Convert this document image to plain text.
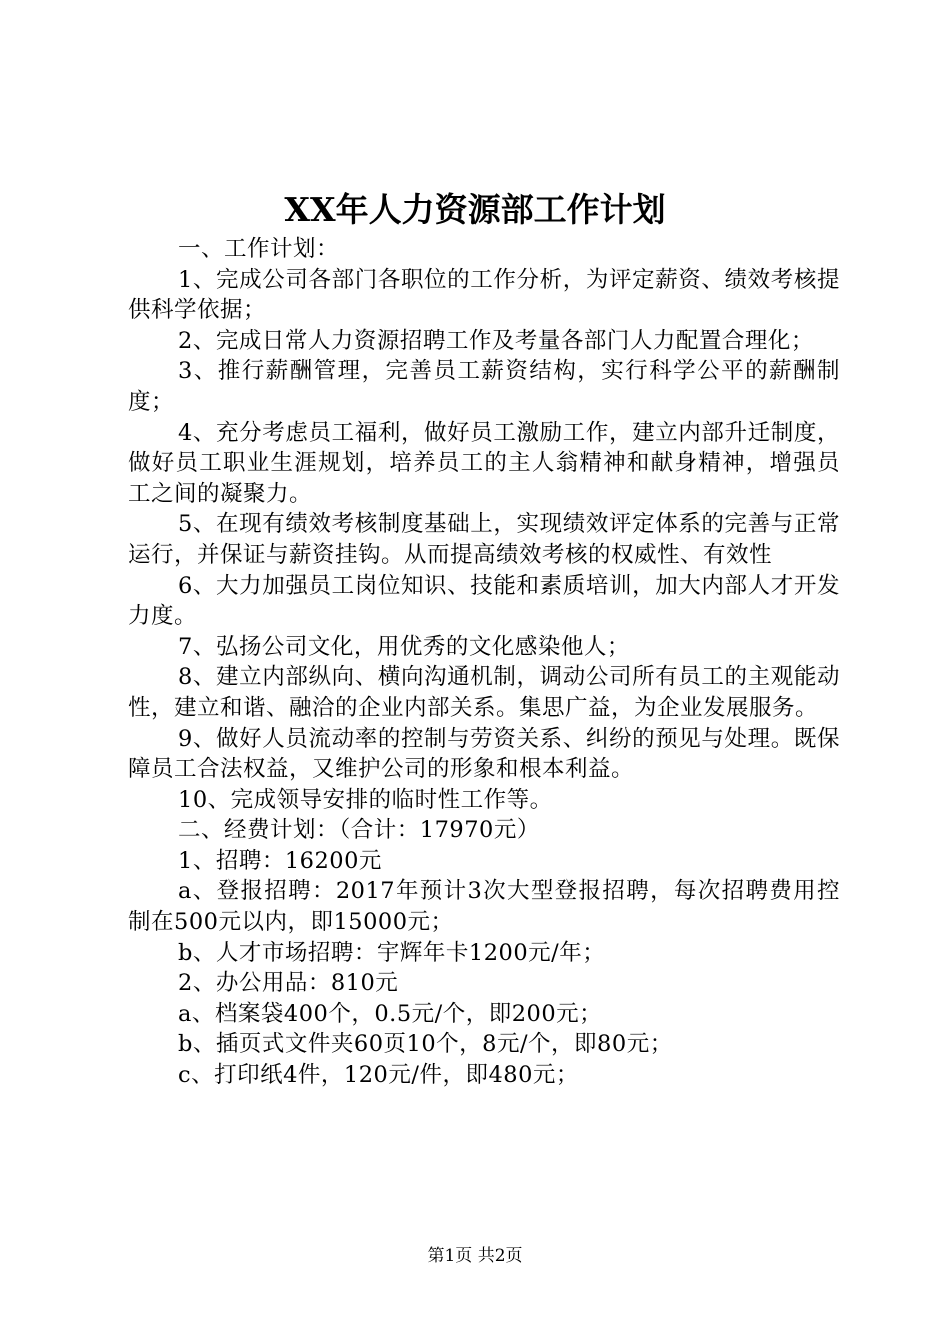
XX年人力资源部工作计划

一、工作计划：

1、完成公司各部门各职位的工作分析，为评定薪资、绩效考核提供科学依据；

2、完成日常人力资源招聘工作及考量各部门人力配置合理化；

3、推行薪酬管理，完善员工薪资结构，实行科学公平的薪酬制度；

4、充分考虑员工福利，做好员工激励工作，建立内部升迁制度，做好员工职业生涯规划，培养员工的主人翁精神和献身精神，增强员工之间的凝聚力。

5、在现有绩效考核制度基础上，实现绩效评定体系的完善与正常运行，并保证与薪资挂钩。从而提高绩效考核的权威性、有效性

6、大力加强员工岗位知识、技能和素质培训，加大内部人才开发力度。

7、弘扬公司文化，用优秀的文化感染他人；

8、建立内部纵向、横向沟通机制，调动公司所有员工的主观能动性，建立和谐、融洽的企业内部关系。集思广益，为企业发展服务。

9、做好人员流动率的控制与劳资关系、纠纷的预见与处理。既保障员工合法权益，又维护公司的形象和根本利益。

10、完成领导安排的临时性工作等。

二、经费计划：（合计：17970元）

1、招聘：16200元

a、登报招聘：2017年预计3次大型登报招聘，每次招聘费用控制在500元以内，即15000元；

b、人才市场招聘：宇辉年卡1200元/年；

2、办公用品：810元

a、档案袋400个，0.5元/个，即200元；

b、插页式文件夹60页10个，8元/个，即80元；

c、打印纸4件，120元/件，即480元；

第1页 共2页
